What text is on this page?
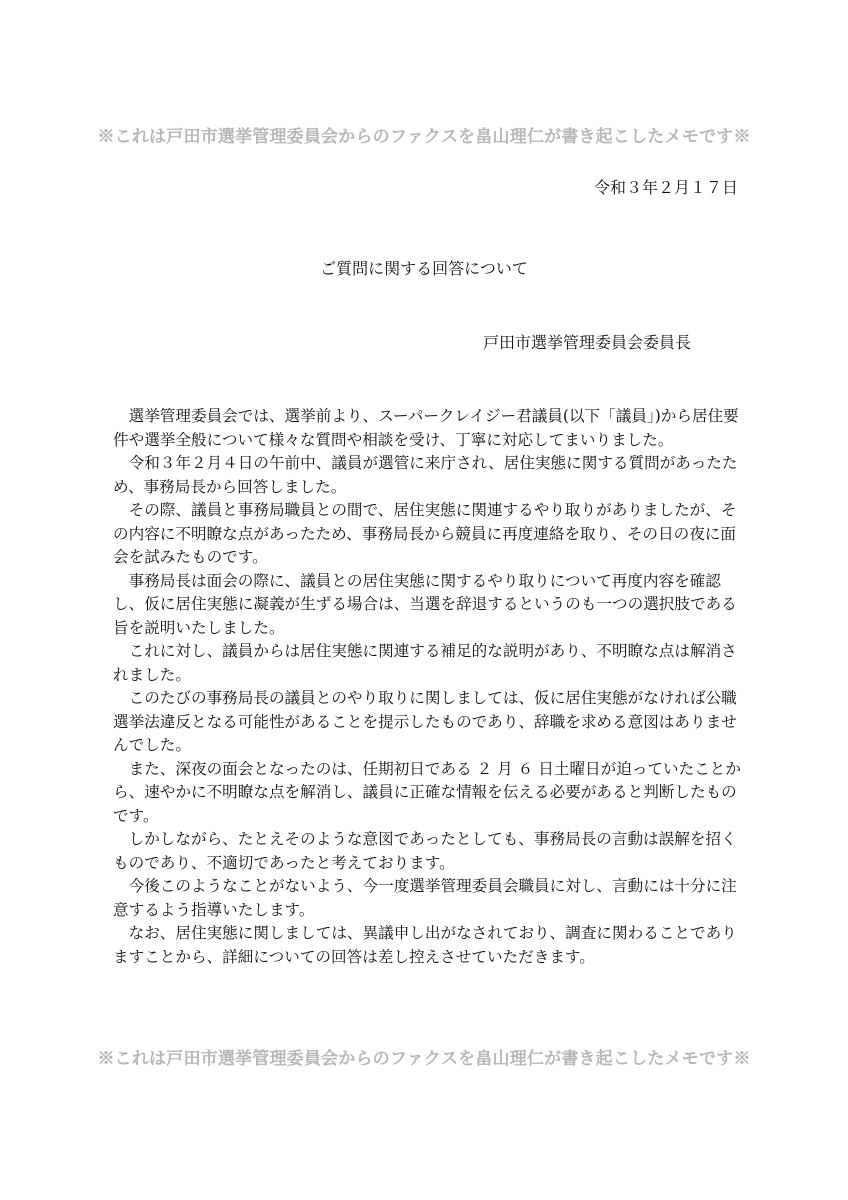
※これは戸田市選挙管理委員会からのファクスを畠山理仁が書き起こしたメモです※
令和３年２月１７日
ご質問に関する回答について
戸田市選挙管理委員会委員長

選挙管理委員会では、選挙前より、スーパークレイジー君議員(以下「議員」)から居住要件や選挙全般について様々な質問や相談を受け、丁寧に対応してまいりました。

令和３年２月４日の午前中、議員が選管に来庁され、居住実態に関する質問があったため、事務局長から回答しました。

その際、議員と事務局職員との間で、居住実態に関連するやり取りがありましたが、その内容に不明瞭な点があったため、事務局長から競員に再度連絡を取り、その日の夜に面会を試みたものです。

事務局長は面会の際に、議員との居住実態に関するやり取りについて再度内容を確認し、仮に居住実態に凝義が生ずる場合は、当選を辞退するというのも一つの選択肢である旨を説明いたしました。

これに対し、議員からは居住実態に関連する補足的な説明があり、不明瞭な点は解消されました。

このたびの事務局長の議員とのやり取りに関しましては、仮に居住実態がなければ公職選挙法違反となる可能性があることを提示したものであり、辞職を求める意図はありませんでした。

また、深夜の面会となったのは、任期初日である ２ 月 ６ 日土曜日が迫っていたことから、速やかに不明瞭な点を解消し、議員に正確な情報を伝える必要があると判断したものです。

しかしながら、たとえそのような意図であったとしても、事務局長の言動は誤解を招くものであり、不適切であったと考えております。

今後このようなことがないよう、今一度選挙管理委員会職員に対し、言動には十分に注意するよう指導いたします。

なお、居住実態に関しましては、異議申し出がなされており、調査に関わることでありますことから、詳細についての回答は差し控えさせていただきます。

※これは戸田市選挙管理委員会からのファクスを畠山理仁が書き起こしたメモです※
